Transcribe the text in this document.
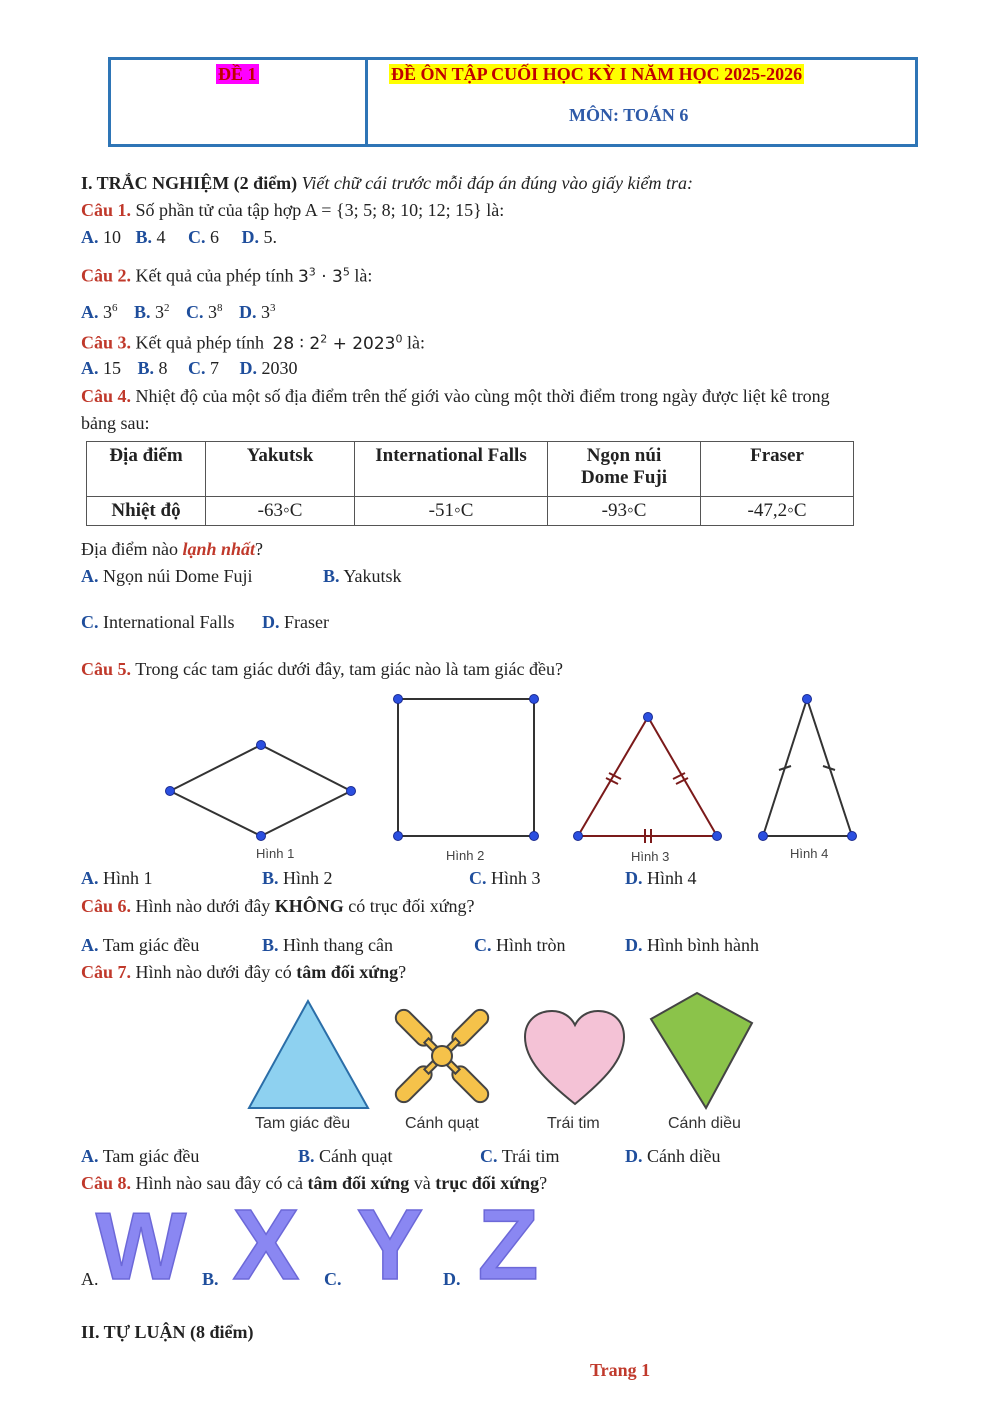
ĐỀ 1	ĐỀ ÔN TẬP CUỐI HỌC KỲ I NĂM HỌC 2025-2026
MÔN: TOÁN 6
I. TRẮC NGHIỆM (2 điểm) Viết chữ cái trước mỗi đáp án đúng vào giấy kiểm tra:
Câu 1. Số phần tử của tập hợp A = {3; 5; 8; 10; 12; 15} là:
A. 10 B. 4 C. 6 D. 5.
Câu 2. Kết quả của phép tính $3^3 \cdot 3^5$ là:
A. $3^6$ B. $3^2$ C. $3^8$ D. $3^3$
Câu 3. Kết quả phép tính 28 ∶ $2^2 + 2023^0$ là:
A. 15 B. 8 C. 7 D. 2030
Câu 4. Nhiệt độ của một số địa điểm trên thế giới vào cùng một thời điểm trong ngày được liệt kê trong
bảng sau:
Địa điểm	Yakutsk	International Falls	Ngọn núi
Dome Fuji	Fraser
Nhiệt độ	-63◦C	-51◦C	-93◦C	-47,2◦C
Địa điểm nào lạnh nhất?
A. Ngọn núi Dome Fuji	B. Yakutsk
C. International Falls D. Fraser
Câu 5. Trong các tam giác dưới đây, tam giác nào là tam giác đều?
Hình 1	Hình 2	Hình 3	Hình 4
A. Hình 1	B. Hình 2	C. Hình 3	D. Hình 4
Câu 6. Hình nào dưới đây KHÔNG có trục đối xứng?
A. Tam giác đều	B. Hình thang cân	C. Hình tròn	D. Hình bình hành
Câu 7. Hình nào dưới đây có tâm đối xứng?
Tam giác đều	Cánh quạt	Trái tim	Cánh diều
A. Tam giác đều	B. Cánh quạt	C. Trái tim	D. Cánh diều
Câu 8. Hình nào sau đây có cả tâm đối xứng và trục đối xứng?
A.	B.	C.	D.
W X Y Z
II. TỰ LUẬN (8 điểm)
Trang 1
